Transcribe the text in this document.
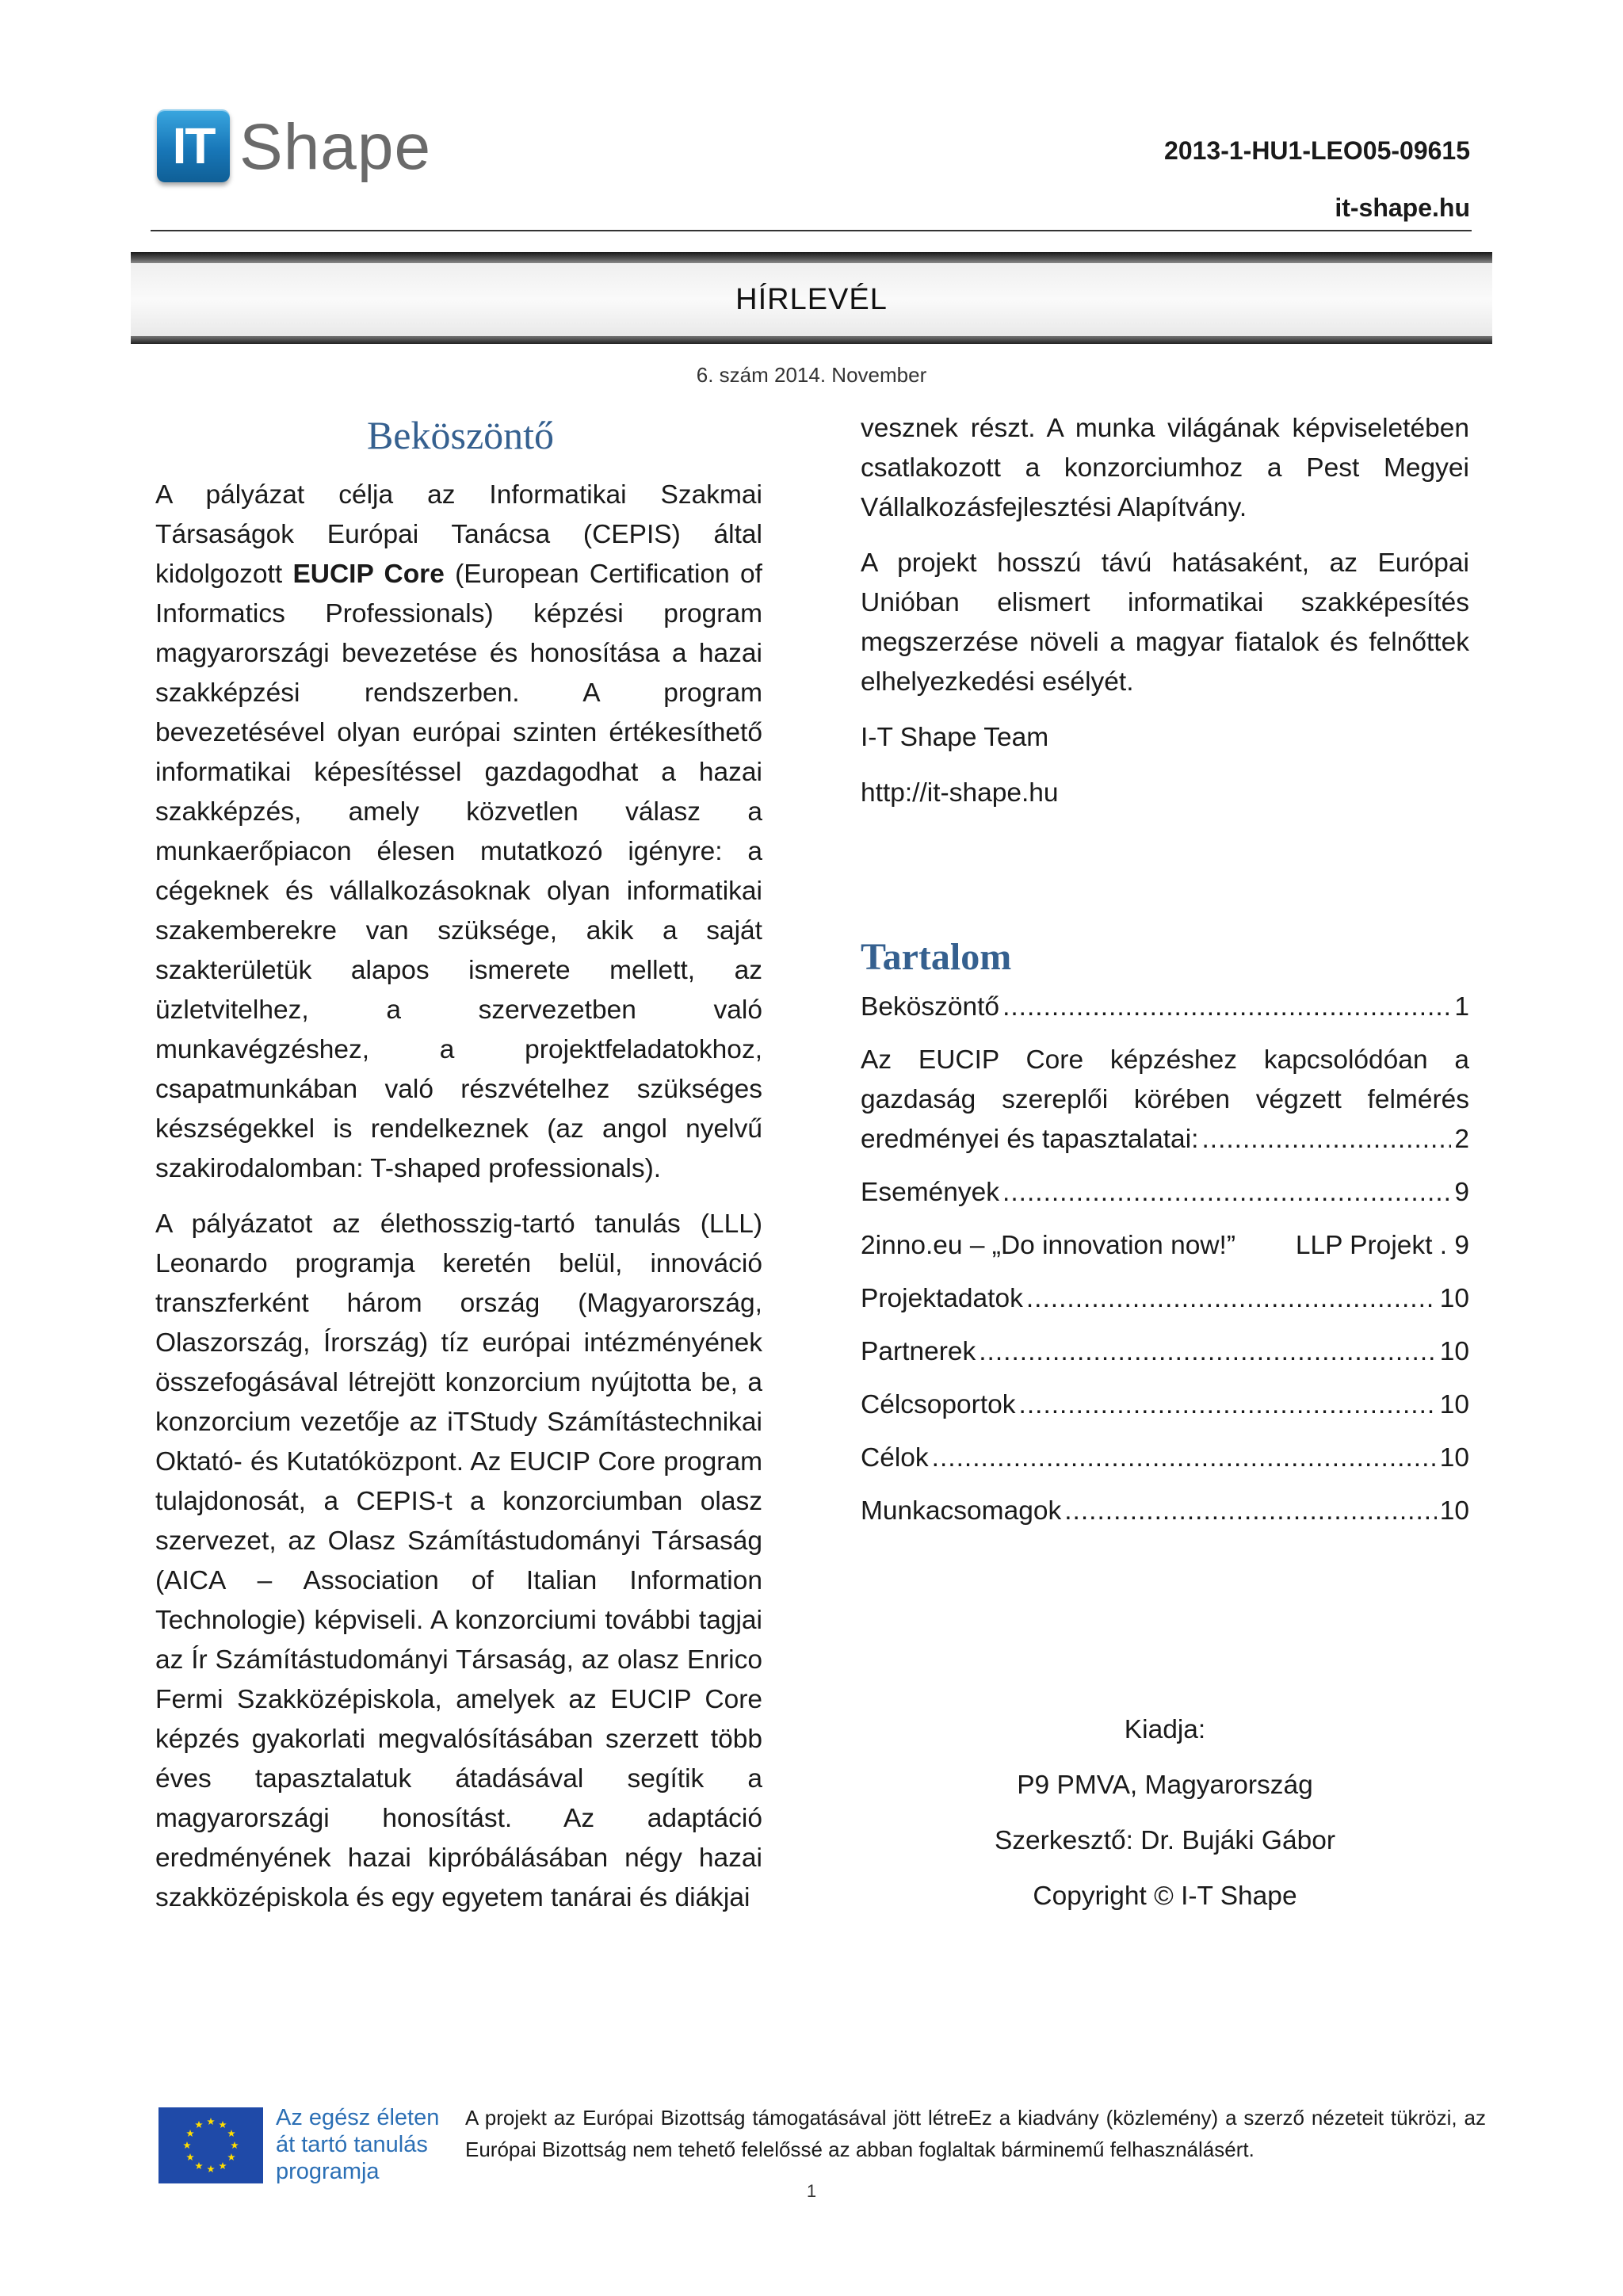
IT Shape	2013-1-HU1-LEO05-09615
it-shape.hu
HÍRLEVÉL
6. szám 2014. November
Beköszöntő

A pályázat célja az Informatikai Szakmai Társaságok Európai Tanácsa (CEPIS) által kidolgozott EUCIP Core (European Certification of Informatics Professionals) képzési program magyarországi bevezetése és honosítása a hazai szakképzési rendszerben. A program bevezetésével olyan európai szinten értékesíthető informatikai képesítéssel gazdagodhat a hazai szakképzés, amely közvetlen válasz a munkaerőpiacon élesen mutatkozó igényre: a cégeknek és vállalkozásoknak olyan informatikai szakemberekre van szüksége, akik a saját szakterületük alapos ismerete mellett, az üzletvitelhez, a szervezetben való munkavégzéshez, a projektfeladatokhoz, csapatmunkában való részvételhez szükséges készségekkel is rendelkeznek (az angol nyelvű szakirodalomban: T-shaped professionals).

A pályázatot az élethosszig-tartó tanulás (LLL) Leonardo programja keretén belül, innováció transzferként három ország (Magyarország, Olaszország, Írország) tíz európai intézményének összefogásával létrejött konzorcium nyújtotta be, a konzorcium vezetője az iTStudy Számítástechnikai Oktató- és Kutatóközpont. Az EUCIP Core program tulajdonosát, a CEPIS-t a konzorciumban olasz szervezet, az Olasz Számítástudományi Társaság (AICA – Association of Italian Information Technologie) képviseli. A konzorciumi további tagjai az Ír Számítástudományi Társaság, az olasz Enrico Fermi Szakközépiskola, amelyek az EUCIP Core képzés gyakorlati megvalósításában szerzett több éves tapasztalatuk átadásával segítik a magyarországi honosítást. Az adaptáció eredményének hazai kipróbálásában négy hazai szakközépiskola és egy egyetem tanárai és diákjai

vesznek részt. A munka világának képviseletében csatlakozott a konzorciumhoz a Pest Megyei Vállalkozásfejlesztési Alapítvány.

A projekt hosszú távú hatásaként, az Európai Unióban elismert informatikai szakképesítés megszerzése növeli a magyar fiatalok és felnőttek elhelyezkedési esélyét.

I-T Shape Team

http://it-shape.hu

Tartalom
Beköszöntő .....	1
Az EUCIP Core képzéshez kapcsolódóan a gazdaság szereplői körében végzett felmérés
eredményei és tapasztalatai: .....	2
Események .....	9
2inno.eu – „Do innovation now!” LLP Projekt . 9
Projektadatok .....	10
Partnerek .....	10
Célcsoportok .....	10
Célok .....	10
Munkacsomagok .....	10
Kiadja:
P9 PMVA, Magyarország
Szerkesztő: Dr. Bujáki Gábor
Copyright © I-T Shape
Az egész életen
át tartó tanulás
programja
A projekt az Európai Bizottság támogatásával jött létreEz a kiadvány (közlemény) a szerző nézeteit tükrözi, az Európai Bizottság nem tehető felelőssé az abban foglaltak bárminemű felhasználásért.
1
